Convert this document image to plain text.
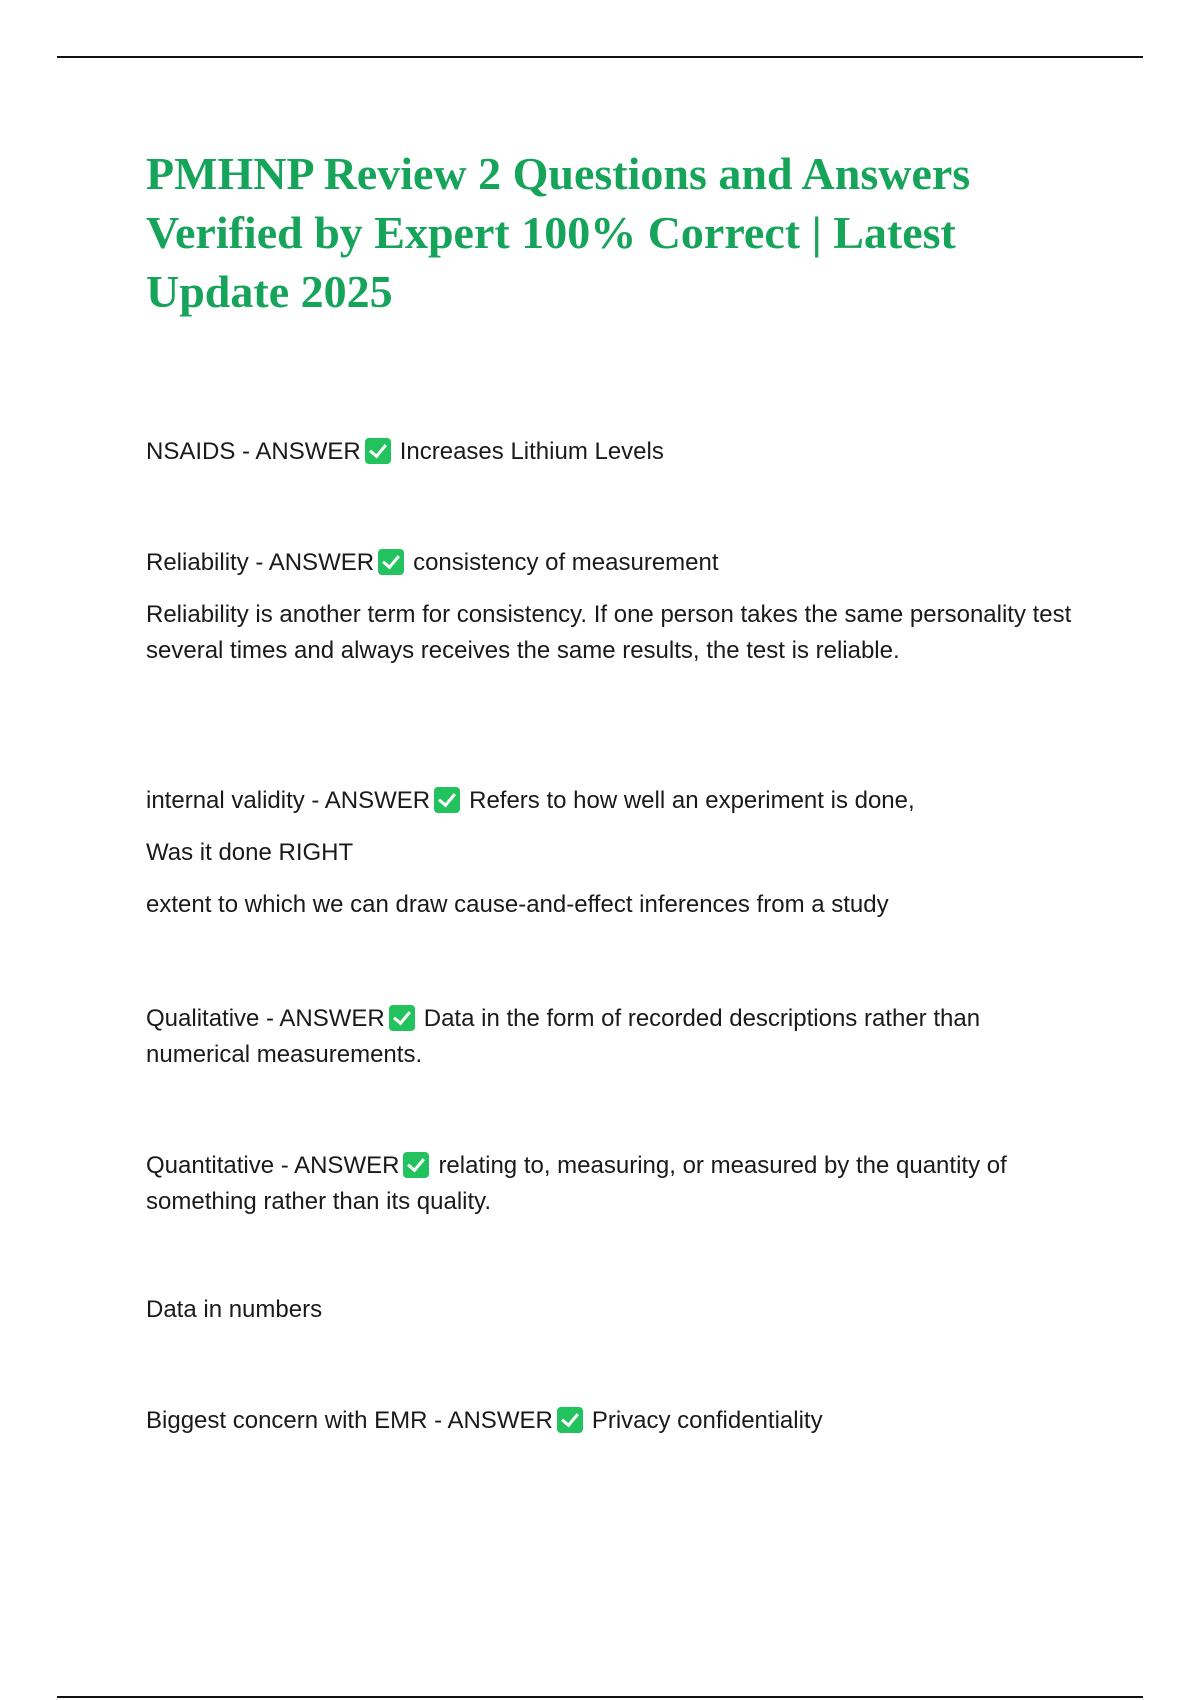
PMHNP Review 2 Questions and Answers Verified by Expert 100% Correct | Latest Update 2025

NSAIDS - ANSWER Increases Lithium Levels

Reliability - ANSWER consistency of measurement

Reliability is another term for consistency. If one person takes the same personality test several times and always receives the same results, the test is reliable.

internal validity - ANSWER Refers to how well an experiment is done,

Was it done RIGHT

extent to which we can draw cause-and-effect inferences from a study

Qualitative - ANSWER Data in the form of recorded descriptions rather than numerical measurements.

Quantitative - ANSWER relating to, measuring, or measured by the quantity of something rather than its quality.

Data in numbers

Biggest concern with EMR - ANSWER Privacy confidentiality
